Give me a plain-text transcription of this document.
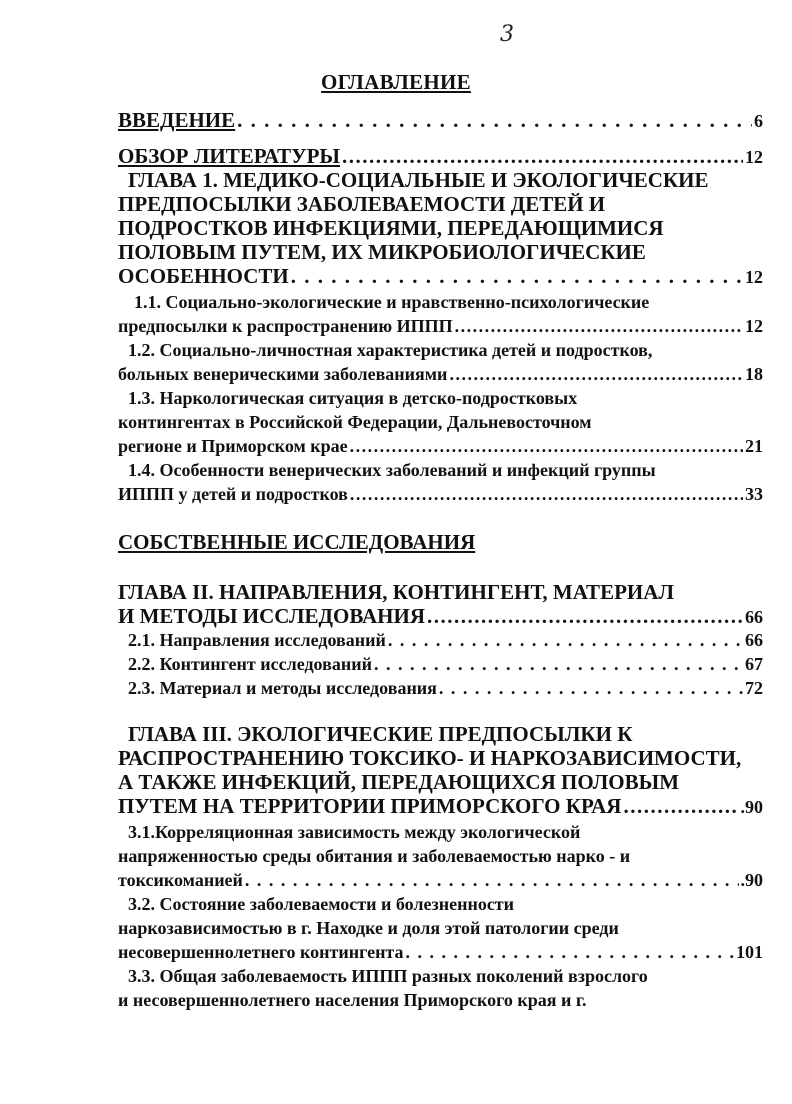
3
ОГЛАВЛЕНИЕ
ВВЕДЕНИЕ . . .	6
ОБЗОР ЛИТЕРАТУРЫ .....	12
ГЛАВА 1. МЕДИКО-СОЦИАЛЬНЫЕ И ЭКОЛОГИЧЕСКИЕ
ПРЕДПОСЫЛКИ ЗАБОЛЕВАЕМОСТИ ДЕТЕЙ И
ПОДРОСТКОВ ИНФЕКЦИЯМИ, ПЕРЕДАЮЩИМИСЯ
ПОЛОВЫМ ПУТЕМ, ИХ МИКРОБИОЛОГИЧЕСКИЕ
ОСОБЕННОСТИ . . .	12
1.1. Социально-экологические и нравственно-психологические
предпосылки к распространению ИППП .....	12
1.2. Социально-личностная характеристика детей и подростков,
больных венерическими заболеваниями .....	18
1.3. Наркологическая ситуация в детско-подростковых
контингентах в Российской Федерации, Дальневосточном
регионе и Приморском крае .....	21
1.4. Особенности венерических заболеваний и инфекций группы
ИППП у детей и подростков .....	33
СОБСТВЕННЫЕ ИССЛЕДОВАНИЯ
ГЛАВА II. НАПРАВЛЕНИЯ, КОНТИНГЕНТ, МАТЕРИАЛ
И МЕТОДЫ ИССЛЕДОВАНИЯ .....	66
2.1. Направления исследований . . .	66
2.2. Контингент исследований . . .	67
2.3. Материал и методы исследования . . .	72
ГЛАВА III. ЭКОЛОГИЧЕСКИЕ ПРЕДПОСЫЛКИ К
РАСПРОСТРАНЕНИЮ ТОКСИКО- И НАРКОЗАВИСИМОСТИ,
А ТАКЖЕ ИНФЕКЦИЙ, ПЕРЕДАЮЩИХСЯ ПОЛОВЫМ
ПУТЕМ НА ТЕРРИТОРИИ ПРИМОРСКОГО КРАЯ .....	.90
3.1.Корреляционная зависимость между экологической
напряженностью среды обитания и заболеваемостью нарко - и
токсикоманией . . .	.90
3.2. Состояние заболеваемости и болезненности
наркозависимостью в г. Находке и доля этой патологии среди
несовершеннолетнего контингента . . .	101
3.3. Общая заболеваемость ИППП разных поколений взрослого
и несовершеннолетнего населения Приморского края и г.
